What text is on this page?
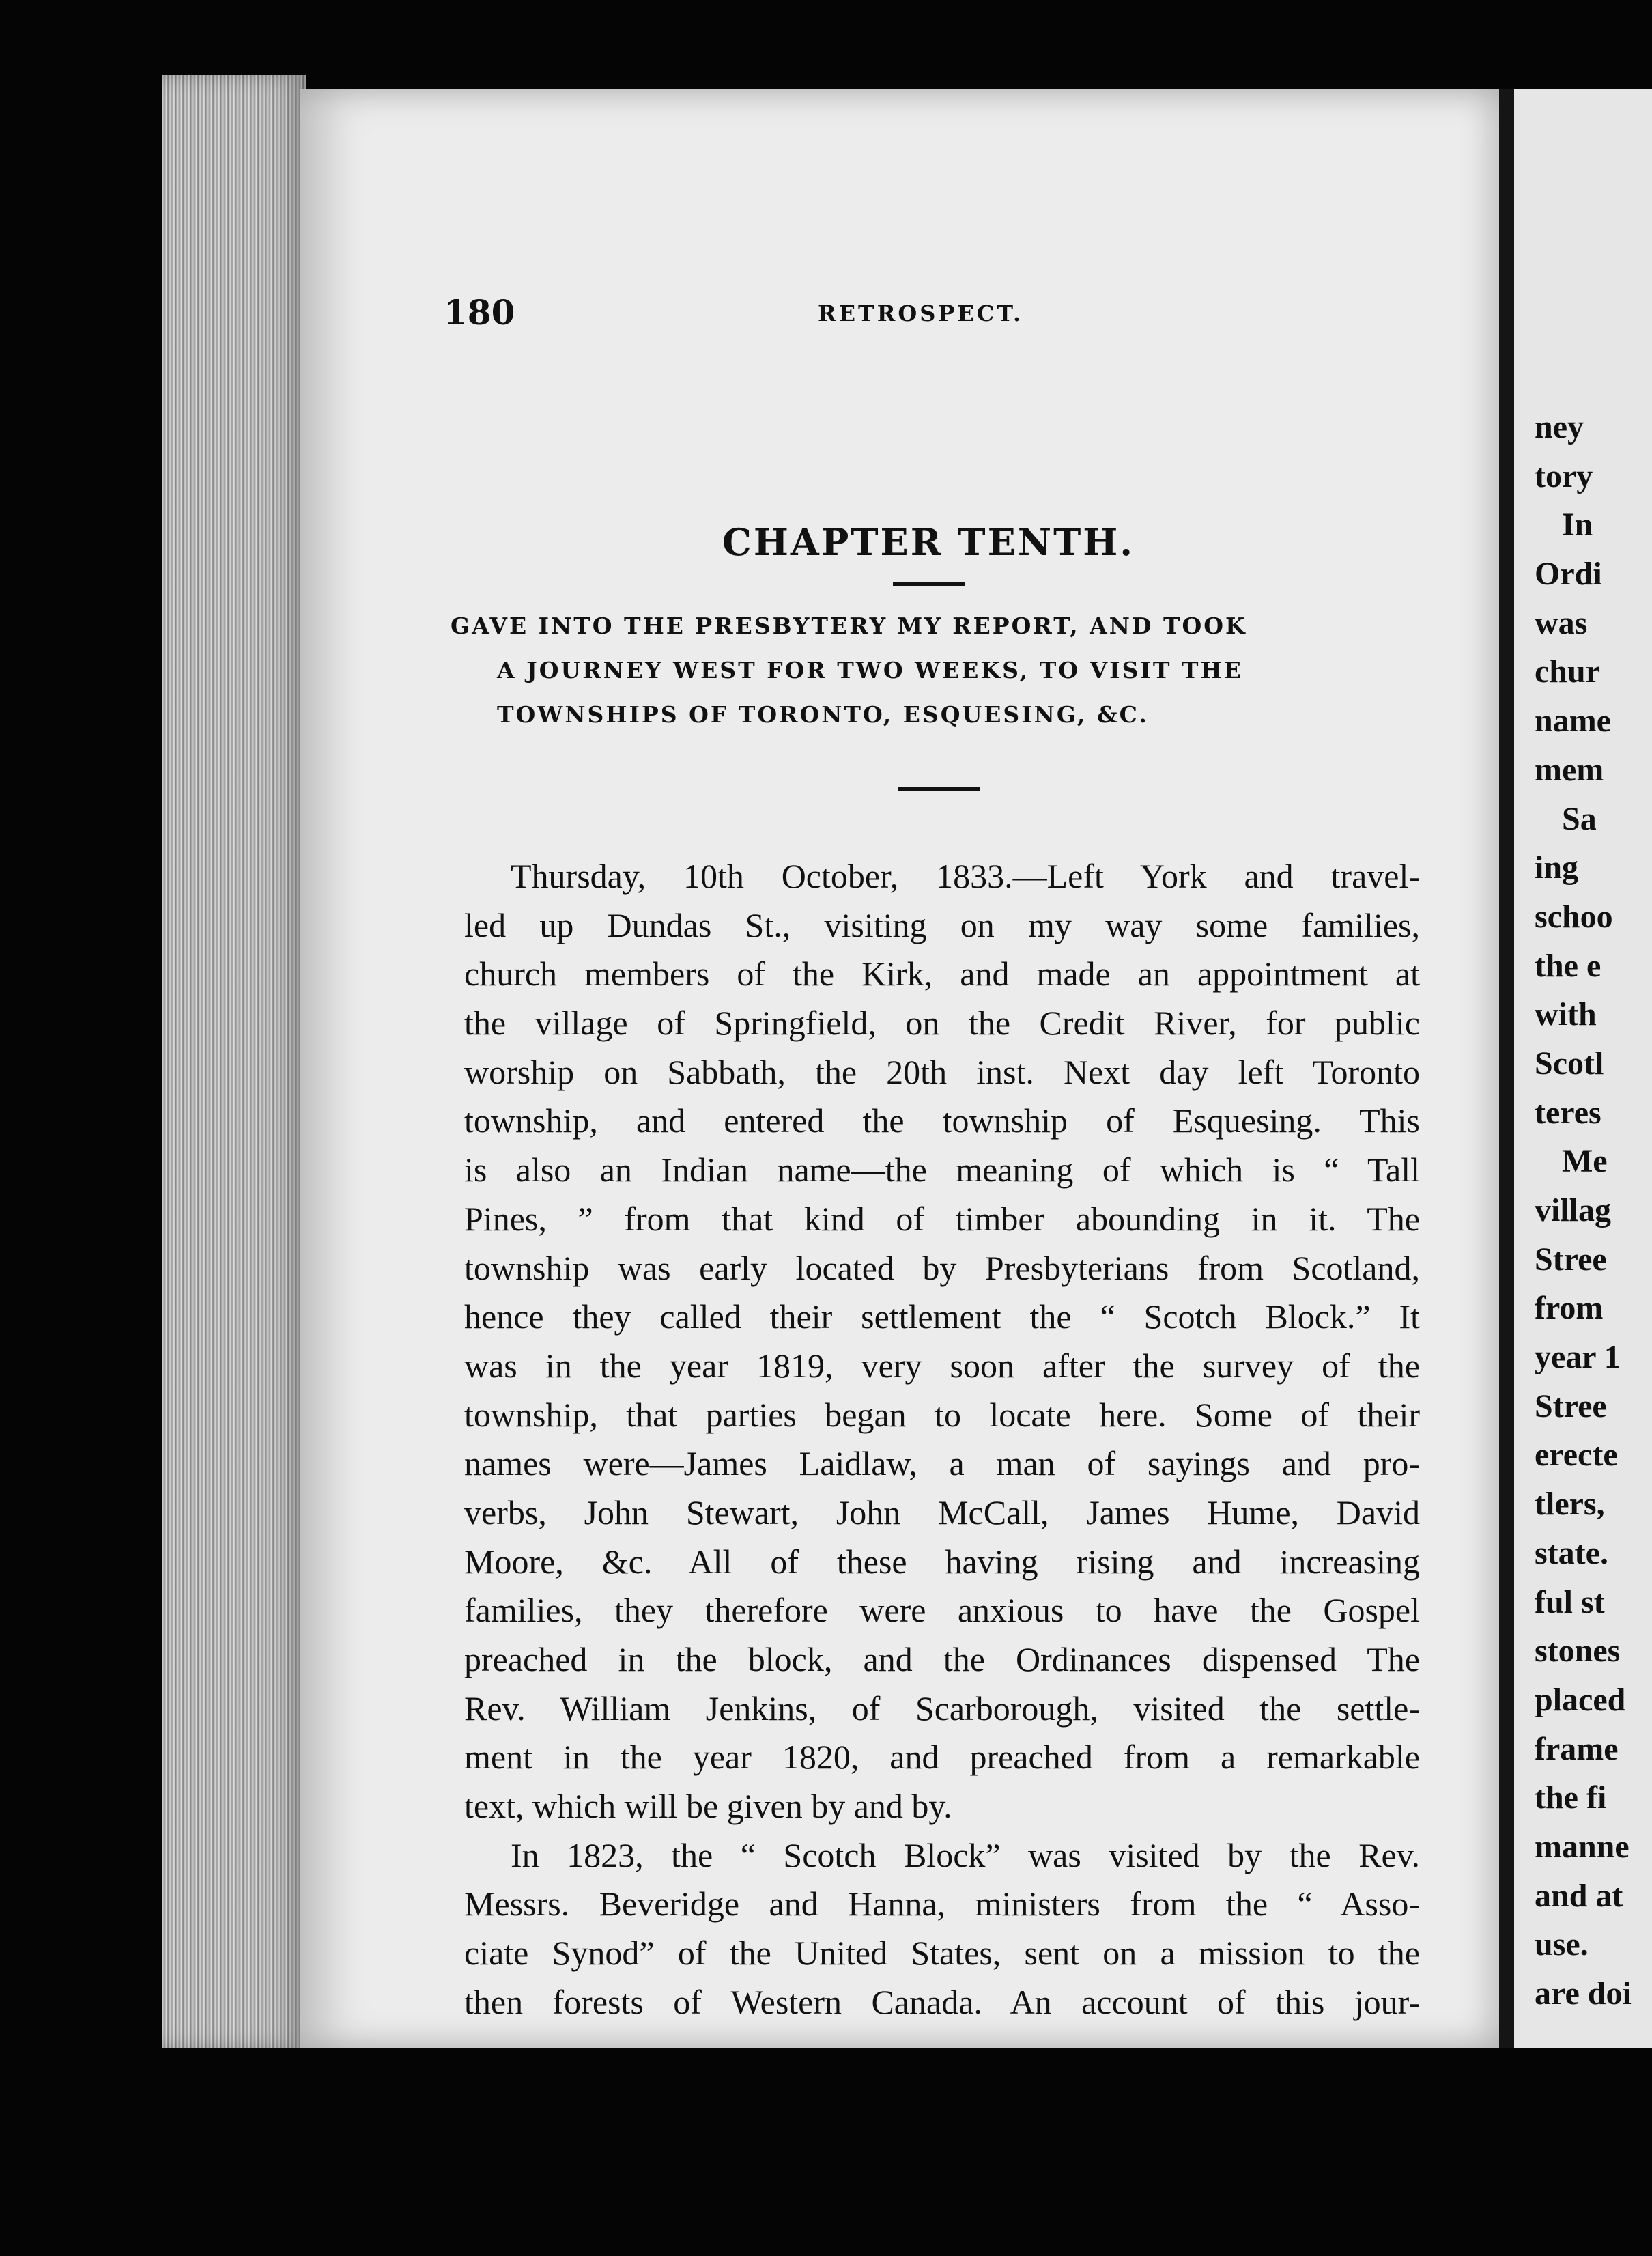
ney
tory
In
Ordi
was
chur
name
mem
Sa
ing
schoo
the e
with
Scotl
teres
Me
villag
Stree
from
year 1
Stree
erecte
tlers,
state.
ful st
stones
placed
frame
the fi
manne
and at
use.
are doi
180	RETROSPECT.
CHAPTER TENTH.
GAVE INTO THE PRESBYTERY MY REPORT, AND TOOK
A JOURNEY WEST FOR TWO WEEKS, TO VISIT THE
TOWNSHIPS OF TORONTO, ESQUESING, &C.
Thursday, 10th October, 1833.—Left York and travel-
led up Dundas St., visiting on my way some families,
church members of the Kirk, and made an appointment at
the village of Springfield, on the Credit River, for public
worship on Sabbath, the 20th inst. Next day left Toronto
township, and entered the township of Esquesing. This
is also an Indian name—the meaning of which is “ Tall
Pines, ” from that kind of timber abounding in it. The
township was early located by Presbyterians from Scotland,
hence they called their settlement the “ Scotch Block.” It
was in the year 1819, very soon after the survey of the
township, that parties began to locate here. Some of their
names were—James Laidlaw, a man of sayings and pro-
verbs, John Stewart, John McCall, James Hume, David
Moore, &c. All of these having rising and increasing
families, they therefore were anxious to have the Gospel
preached in the block, and the Ordinances dispensed The
Rev. William Jenkins, of Scarborough, visited the settle-
ment in the year 1820, and preached from a remarkable
text, which will be given by and by.
In 1823, the “ Scotch Block” was visited by the Rev.
Messrs. Beveridge and Hanna, ministers from the “ Asso-
ciate Synod” of the United States, sent on a mission to the
then forests of Western Canada. An account of this jour-
